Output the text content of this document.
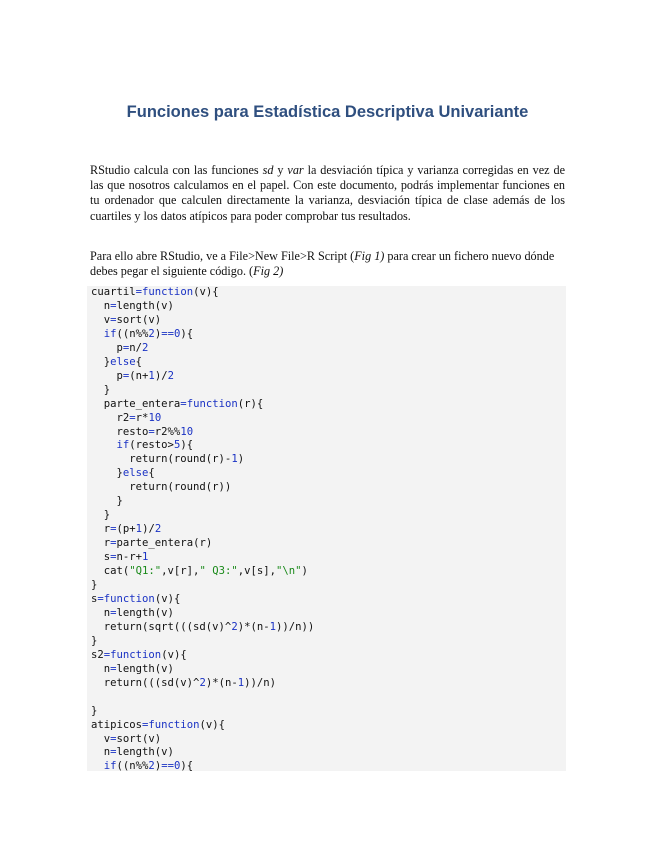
Funciones para Estadística Descriptiva Univariante
RStudio calcula con las funciones sd y var la desviación típica y varianza corregidas en vez de las que nosotros calculamos en el papel. Con este documento, podrás implementar funciones en tu ordenador que calculen directamente la varianza, desviación típica de clase además de los cuartiles y los datos atípicos para poder comprobar tus resultados.
Para ello abre RStudio, ve a File>New File>R Script (Fig 1) para crear un fichero nuevo dónde debes pegar el siguiente código. (Fig 2)
cuartil=function(v){
n=length(v)
v=sort(v)
if((n%%2)==0){
p=n/2
}else{
p=(n+1)/2
}
parte_entera=function(r){
r2=r*10
resto=r2%%10
if(resto>5){
return(round(r)-1)
}else{
return(round(r))
}
}
r=(p+1)/2
r=parte_entera(r)
s=n-r+1
cat("Q1:",v[r]," Q3:",v[s],"\n")
}
s=function(v){
n=length(v)
return(sqrt(((sd(v)^2)*(n-1))/n))
}
s2=function(v){
n=length(v)
return(((sd(v)^2)*(n-1))/n)

}
atipicos=function(v){
v=sort(v)
n=length(v)
if((n%%2)==0){
